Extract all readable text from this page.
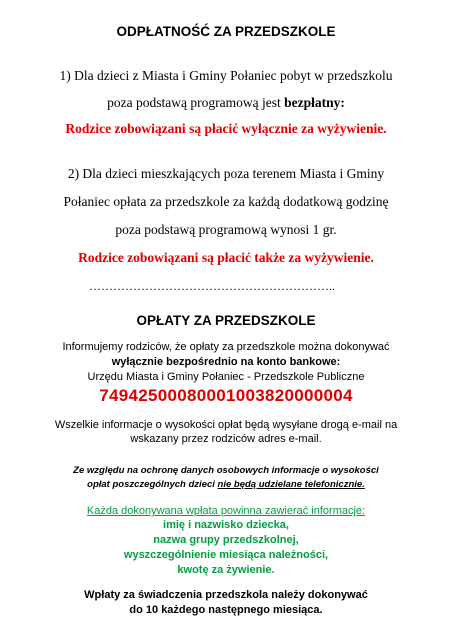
ODPŁATNOŚĆ ZA PRZEDSZKOLE
1) Dla dzieci z Miasta i Gminy Połaniec pobyt w przedszkolu
poza podstawą programową jest bezpłatny:
Rodzice zobowiązani są płacić wyłącznie za wyżywienie.
2) Dla dzieci mieszkających poza terenem Miasta i Gminy
Połaniec opłata za przedszkole za każdą dodatkową godzinę
poza podstawą programową wynosi 1 gr.
Rodzice zobowiązani są płacić także za wyżywienie.
……………………………………………………..
OPŁATY ZA PRZEDSZKOLE
Informujemy rodziców, że opłaty za przedszkole można dokonywać
wyłącznie bezpośrednio na konto bankowe:
Urzędu Miasta i Gminy Połaniec - Przedszkole Publiczne
74942500080001003820000004
Wszelkie informacje o wysokości opłat będą wysyłane drogą e-mail na
wskazany przez rodziców adres e-mail.
Ze względu na ochronę danych osobowych informacje o wysokości
opłat poszczególnych dzieci nie będą udzielane telefonicznie.
Każda dokonywana wpłata powinna zawierać informacje:
imię i nazwisko dziecka,
nazwa grupy przedszkolnej,
wyszczególnienie miesiąca należności,
kwotę za żywienie.
Wpłaty za świadczenia przedszkola należy dokonywać
do 10 każdego następnego miesiąca.
